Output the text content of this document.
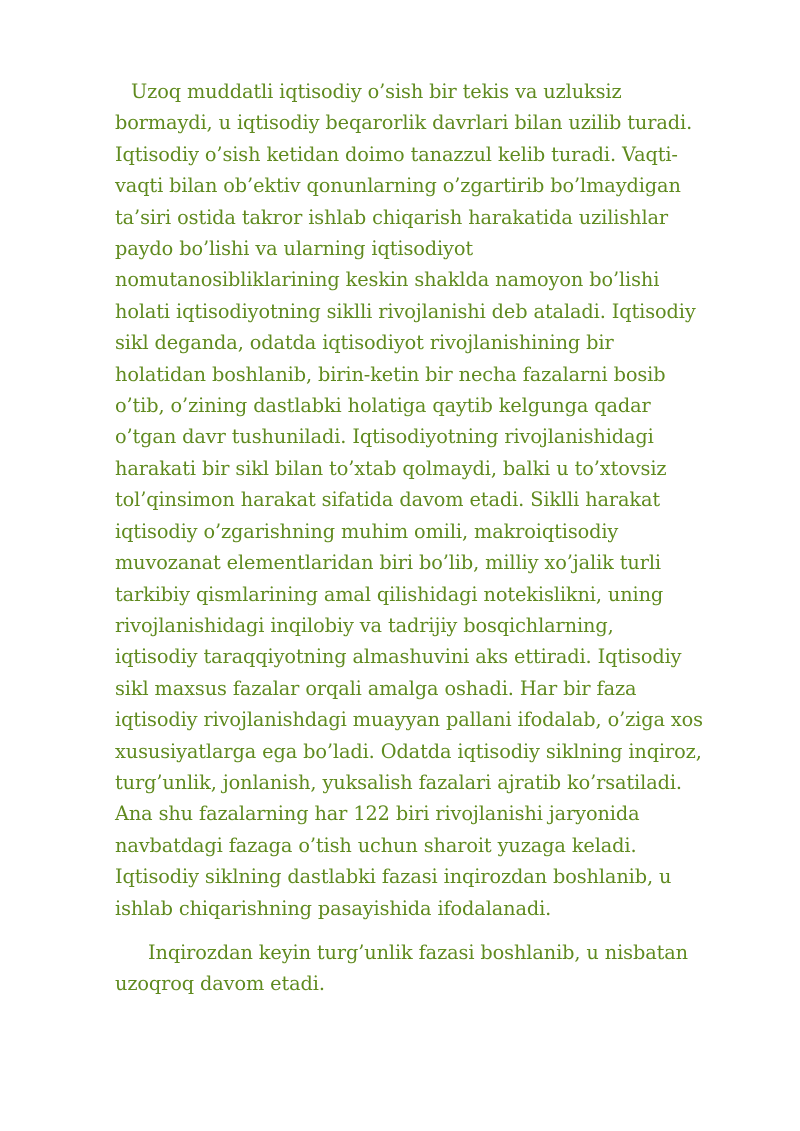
Uzoq muddatli iqtisodiy o’sish bir tekis va uzluksiz
bormaydi, u iqtisodiy beqarorlik davrlari bilan uzilib turadi.
Iqtisodiy o’sish ketidan doimo tanazzul kelib turadi. Vaqti-
vaqti bilan ob’ektiv qonunlarning o’zgartirib bo’lmaydigan
ta’siri ostida takror ishlab chiqarish harakatida uzilishlar
paydo bo’lishi va ularning iqtisodiyot
nomutanosibliklarining keskin shaklda namoyon bo’lishi
holati iqtisodiyotning siklli rivojlanishi deb ataladi. Iqtisodiy
sikl deganda, odatda iqtisodiyot rivojlanishining bir
holatidan boshlanib, birin-ketin bir necha fazalarni bosib
o’tib, o’zining dastlabki holatiga qaytib kelgunga qadar
o’tgan davr tushuniladi. Iqtisodiyotning rivojlanishidagi
harakati bir sikl bilan to’xtab qolmaydi, balki u to’xtovsiz
tol’qinsimon harakat sifatida davom etadi. Siklli harakat
iqtisodiy o’zgarishning muhim omili, makroiqtisodiy
muvozanat elementlaridan biri bo’lib, milliy xo’jalik turli
tarkibiy qismlarining amal qilishidagi notekislikni, uning
rivojlanishidagi inqilobiy va tadrijiy bosqichlarning,
iqtisodiy taraqqiyotning almashuvini aks ettiradi. Iqtisodiy
sikl maxsus fazalar orqali amalga oshadi. Har bir faza
iqtisodiy rivojlanishdagi muayyan pallani ifodalab, o’ziga xos
xususiyatlarga ega bo’ladi. Odatda iqtisodiy siklning inqiroz,
turg’unlik, jonlanish, yuksalish fazalari ajratib ko’rsatiladi.
Ana shu fazalarning har 122 biri rivojlanishi jaryonida
navbatdagi fazaga o’tish uchun sharoit yuzaga keladi.
Iqtisodiy siklning dastlabki fazasi inqirozdan boshlanib, u
ishlab chiqarishning pasayishida ifodalanadi.

Inqirozdan keyin turg’unlik fazasi boshlanib, u nisbatan
uzoqroq davom etadi.
